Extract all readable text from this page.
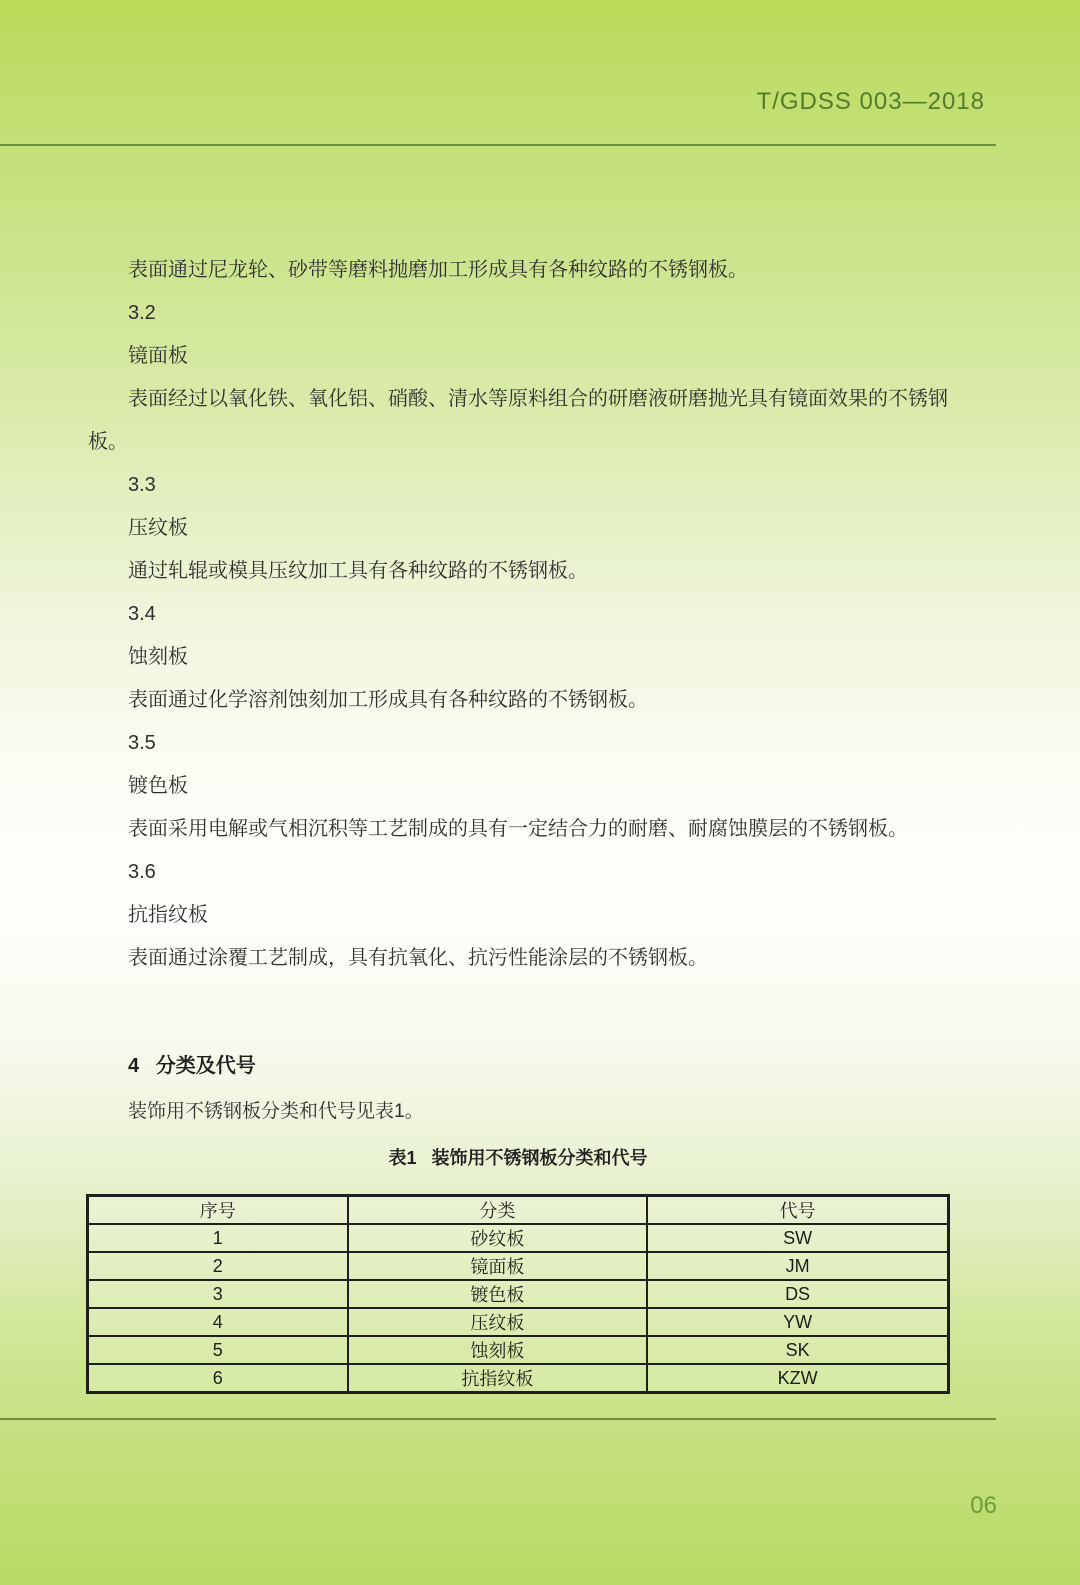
T/GDSS 003—2018

表面通过尼龙轮、砂带等磨料抛磨加工形成具有各种纹路的不锈钢板。

3.2

镜面板

表面经过以氧化铁、氧化铝、硝酸、清水等原料组合的研磨液研磨抛光具有镜面效果的不锈钢板。

3.3

压纹板

通过轧辊或模具压纹加工具有各种纹路的不锈钢板。

3.4

蚀刻板

表面通过化学溶剂蚀刻加工形成具有各种纹路的不锈钢板。

3.5

镀色板

表面采用电解或气相沉积等工艺制成的具有一定结合力的耐磨、耐腐蚀膜层的不锈钢板。

3.6

抗指纹板

表面通过涂覆工艺制成，具有抗氧化、抗污性能涂层的不锈钢板。

4   分类及代号
装饰用不锈钢板分类和代号见表1。
表1   装饰用不锈钢板分类和代号
序号	分类	代号
1	砂纹板	SW
2	镜面板	JM
3	镀色板	DS
4	压纹板	YW
5	蚀刻板	SK
6	抗指纹板	KZW
06
